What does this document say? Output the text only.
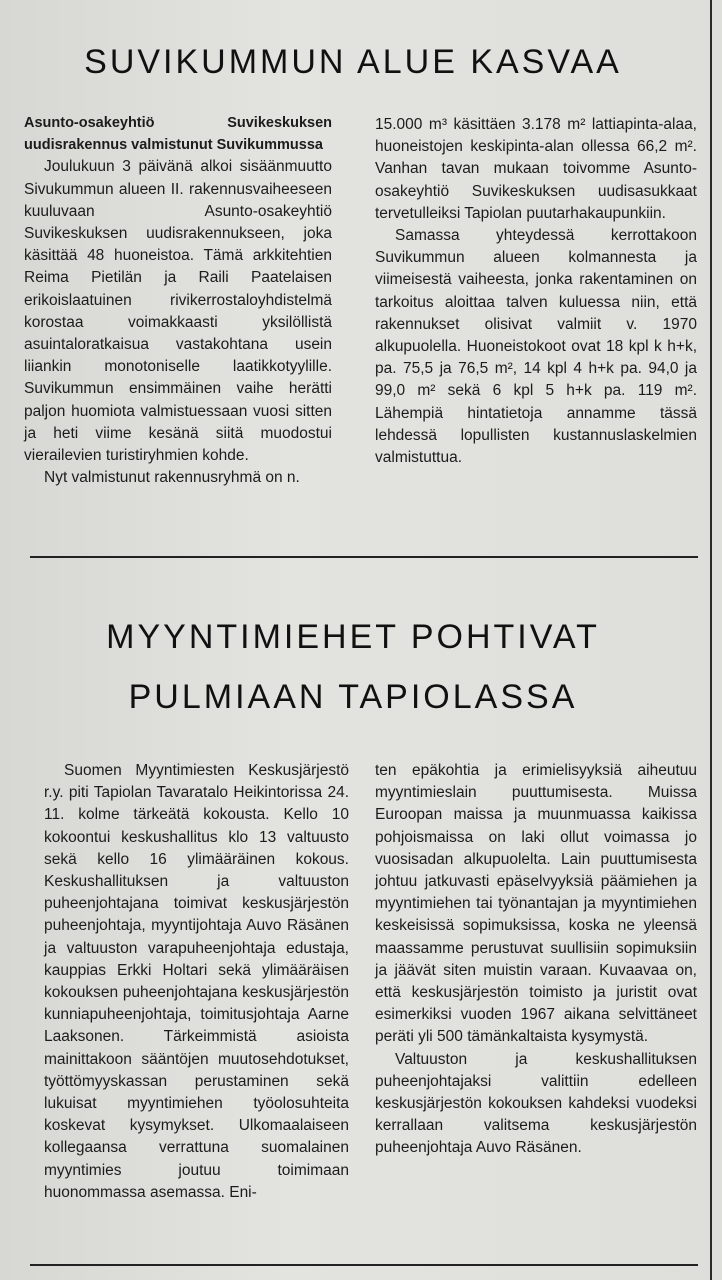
SUVIKUMMUN ALUE KASVAA

Asunto-osakeyhtiö Suvikeskuksen uudisrakennus valmistunut Suvikummussa

Joulukuun 3 päivänä alkoi sisäänmuutto Sivukummun alueen II. rakennusvaiheeseen kuuluvaan Asunto-osakeyhtiö Suvikeskuksen uudisrakennukseen, joka käsittää 48 huoneistoa. Tämä arkkitehtien Reima Pietilän ja Raili Paatelaisen erikoislaatuinen rivikerrostaloyhdistelmä korostaa voimakkaasti yksilöllistä asuintaloratkaisua vastakohtana usein liiankin monotoniselle laatikkotyylille. Suvikummun ensimmäinen vaihe herätti paljon huomiota valmistuessaan vuosi sitten ja heti viime kesänä siitä muodostui vierailevien turistiryhmien kohde.

Nyt valmistunut rakennusryhmä on n.

15.000 m³ käsittäen 3.178 m² lattiapinta-alaa, huoneistojen keskipinta-alan ollessa 66,2 m². Vanhan tavan mukaan toivomme Asunto-osakeyhtiö Suvikeskuksen uudisasukkaat tervetulleiksi Tapiolan puutarhakaupunkiin.

Samassa yhteydessä kerrottakoon Suvikummun alueen kolmannesta ja viimeisestä vaiheesta, jonka rakentaminen on tarkoitus aloittaa talven kuluessa niin, että rakennukset olisivat valmiit v. 1970 alkupuolella. Huoneistokoot ovat 18 kpl k h+k, pa. 75,5 ja 76,5 m², 14 kpl 4 h+k pa. 94,0 ja 99,0 m² sekä 6 kpl 5 h+k pa. 119 m². Lähempiä hintatietoja annamme tässä lehdessä lopullisten kustannuslaskelmien valmistuttua.

MYYNTIMIEHET POHTIVAT
PULMIAAN TAPIOLASSA

Suomen Myyntimiesten Keskusjärjestö r.y. piti Tapiolan Tavaratalo Heikintorissa 24. 11. kolme tärkeätä kokousta. Kello 10 kokoontui keskushallitus klo 13 valtuusto sekä kello 16 ylimääräinen kokous. Keskushallituksen ja valtuuston puheenjohtajana toimivat keskusjärjestön puheenjohtaja, myyntijohtaja Auvo Räsänen ja valtuuston varapuheenjohtaja edustaja, kauppias Erkki Holtari sekä ylimääräisen kokouksen puheenjohtajana keskusjärjestön kunniapuheenjohtaja, toimitusjohtaja Aarne Laaksonen. Tärkeimmistä asioista mainittakoon sääntöjen muutosehdotukset, työttömyyskassan perustaminen sekä lukuisat myyntimiehen työolosuhteita koskevat kysymykset. Ulkomaalaiseen kollegaansa verrattuna suomalainen myyntimies joutuu toimimaan huonommassa asemassa. Eni-

ten epäkohtia ja erimielisyyksiä aiheutuu myyntimieslain puuttumisesta. Muissa Euroopan maissa ja muunmuassa kaikissa pohjoismaissa on laki ollut voimassa jo vuosisadan alkupuolelta. Lain puuttumisesta johtuu jatkuvasti epäselvyyksiä päämiehen ja myyntimiehen tai työnantajan ja myyntimiehen keskeisissä sopimuksissa, koska ne yleensä maassamme perustuvat suullisiin sopimuksiin ja jäävät siten muistin varaan. Kuvaavaa on, että keskusjärjestön toimisto ja juristit ovat esimerkiksi vuoden 1967 aikana selvittäneet peräti yli 500 tämänkaltaista kysymystä.

Valtuuston ja keskushallituksen puheenjohtajaksi valittiin edelleen keskusjärjestön kokouksen kahdeksi vuodeksi kerrallaan valitsema keskusjärjestön puheenjohtaja Auvo Räsänen.
